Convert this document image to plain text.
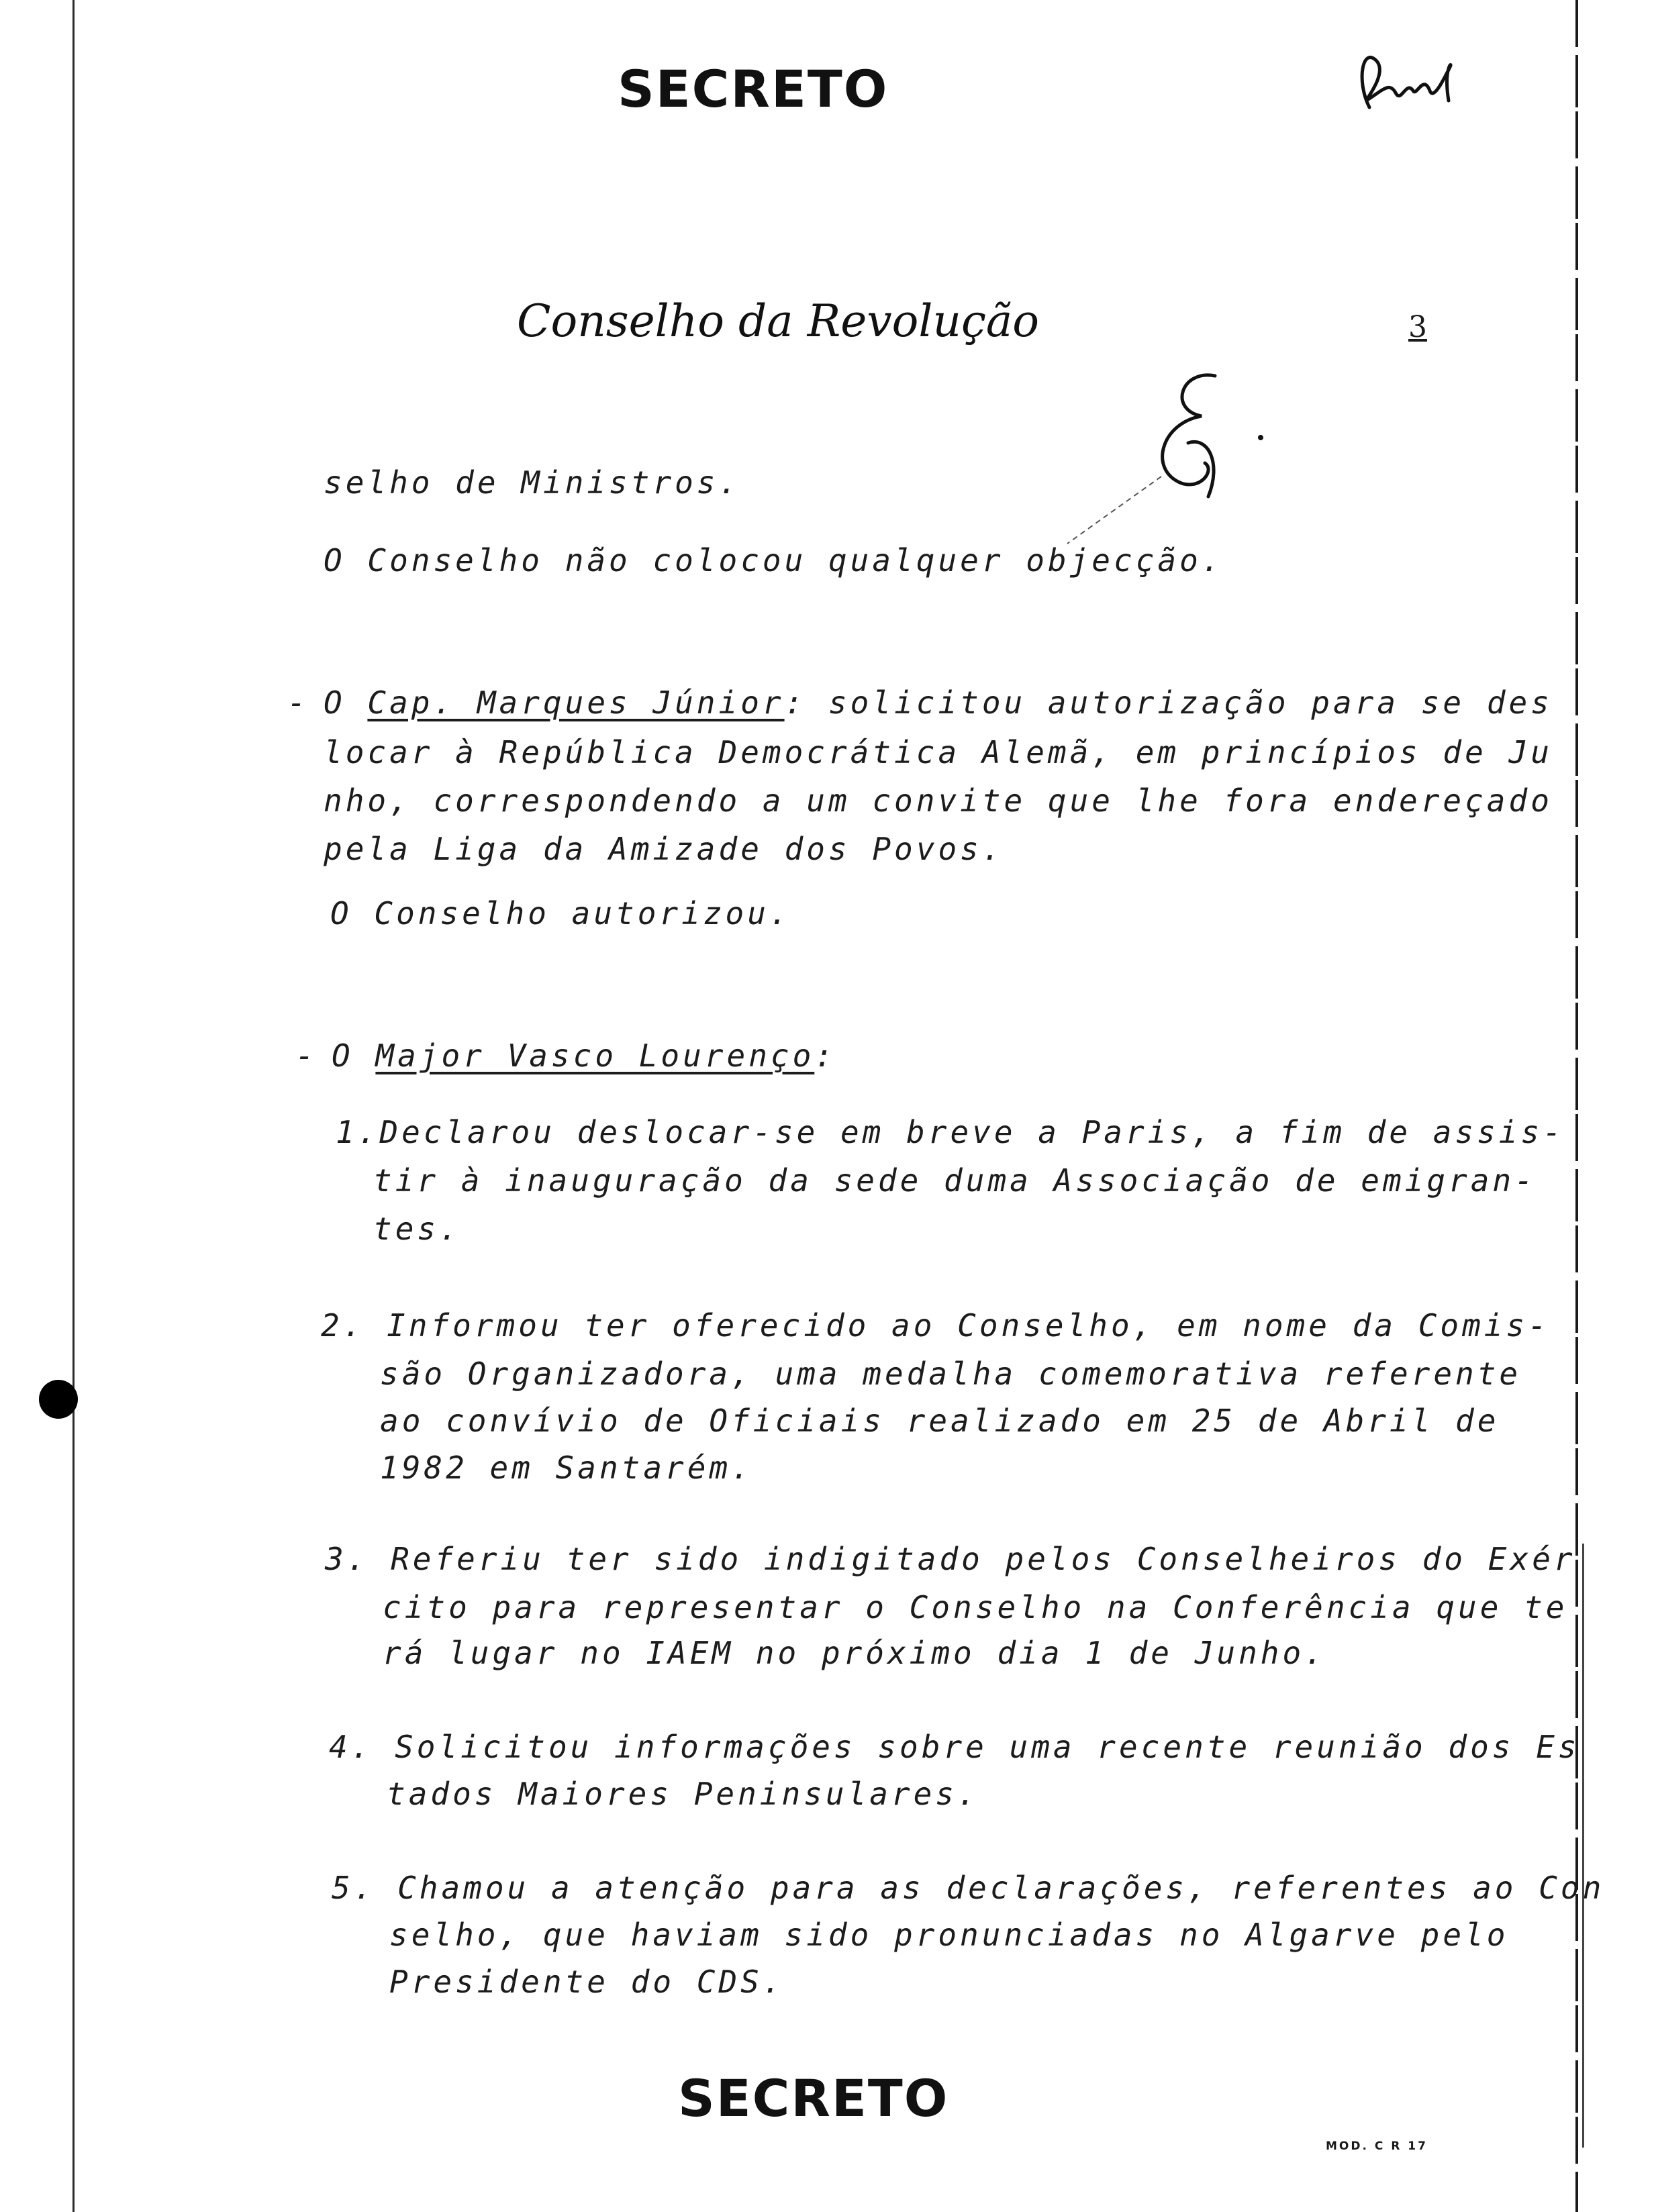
SECRETO
Conselho da Revolução	3
selho de Ministros.
O Conselho não colocou qualquer objecção.
- O Cap. Marques Júnior: solicitou autorização para se des
locar à República Democrática Alemã, em princípios de Ju
nho, correspondendo a um convite que lhe fora endereçado
pela Liga da Amizade dos Povos.
O Conselho autorizou.
- O Major Vasco Lourenço:
1.Declarou deslocar-se em breve a Paris, a fim de assis-
tir à inauguração da sede duma Associação de emigran-
tes.
2. Informou ter oferecido ao Conselho, em nome da Comis-
são Organizadora, uma medalha comemorativa referente
ao convívio de Oficiais realizado em 25 de Abril de
1982 em Santarém.
3. Referiu ter sido indigitado pelos Conselheiros do Exér
cito para representar o Conselho na Conferência que te
rá lugar no IAEM no próximo dia 1 de Junho.
4. Solicitou informações sobre uma recente reunião dos Es
tados Maiores Peninsulares.
5. Chamou a atenção para as declarações, referentes ao Con
selho, que haviam sido pronunciadas no Algarve pelo
Presidente do CDS.
SECRETO
MOD. C R 17
